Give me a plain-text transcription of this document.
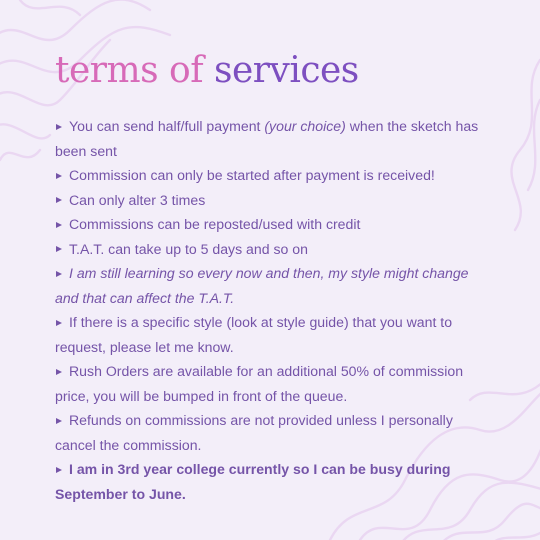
terms of services
You can send half/full payment (your choice) when the sketch has been sent
Commission can only be started after payment is received!
Can only alter 3 times
Commissions can be reposted/used with credit
T.A.T. can take up to 5 days and so on
I am still learning so every now and then, my style might change and that can affect the T.A.T.
If there is a specific style (look at style guide) that you want to request, please let me know.
Rush Orders are available for an additional 50% of commission price, you will be bumped in front of the queue.
Refunds on commissions are not provided unless I personally cancel the commission.
I am in 3rd year college currently so I can be busy during September to June.
